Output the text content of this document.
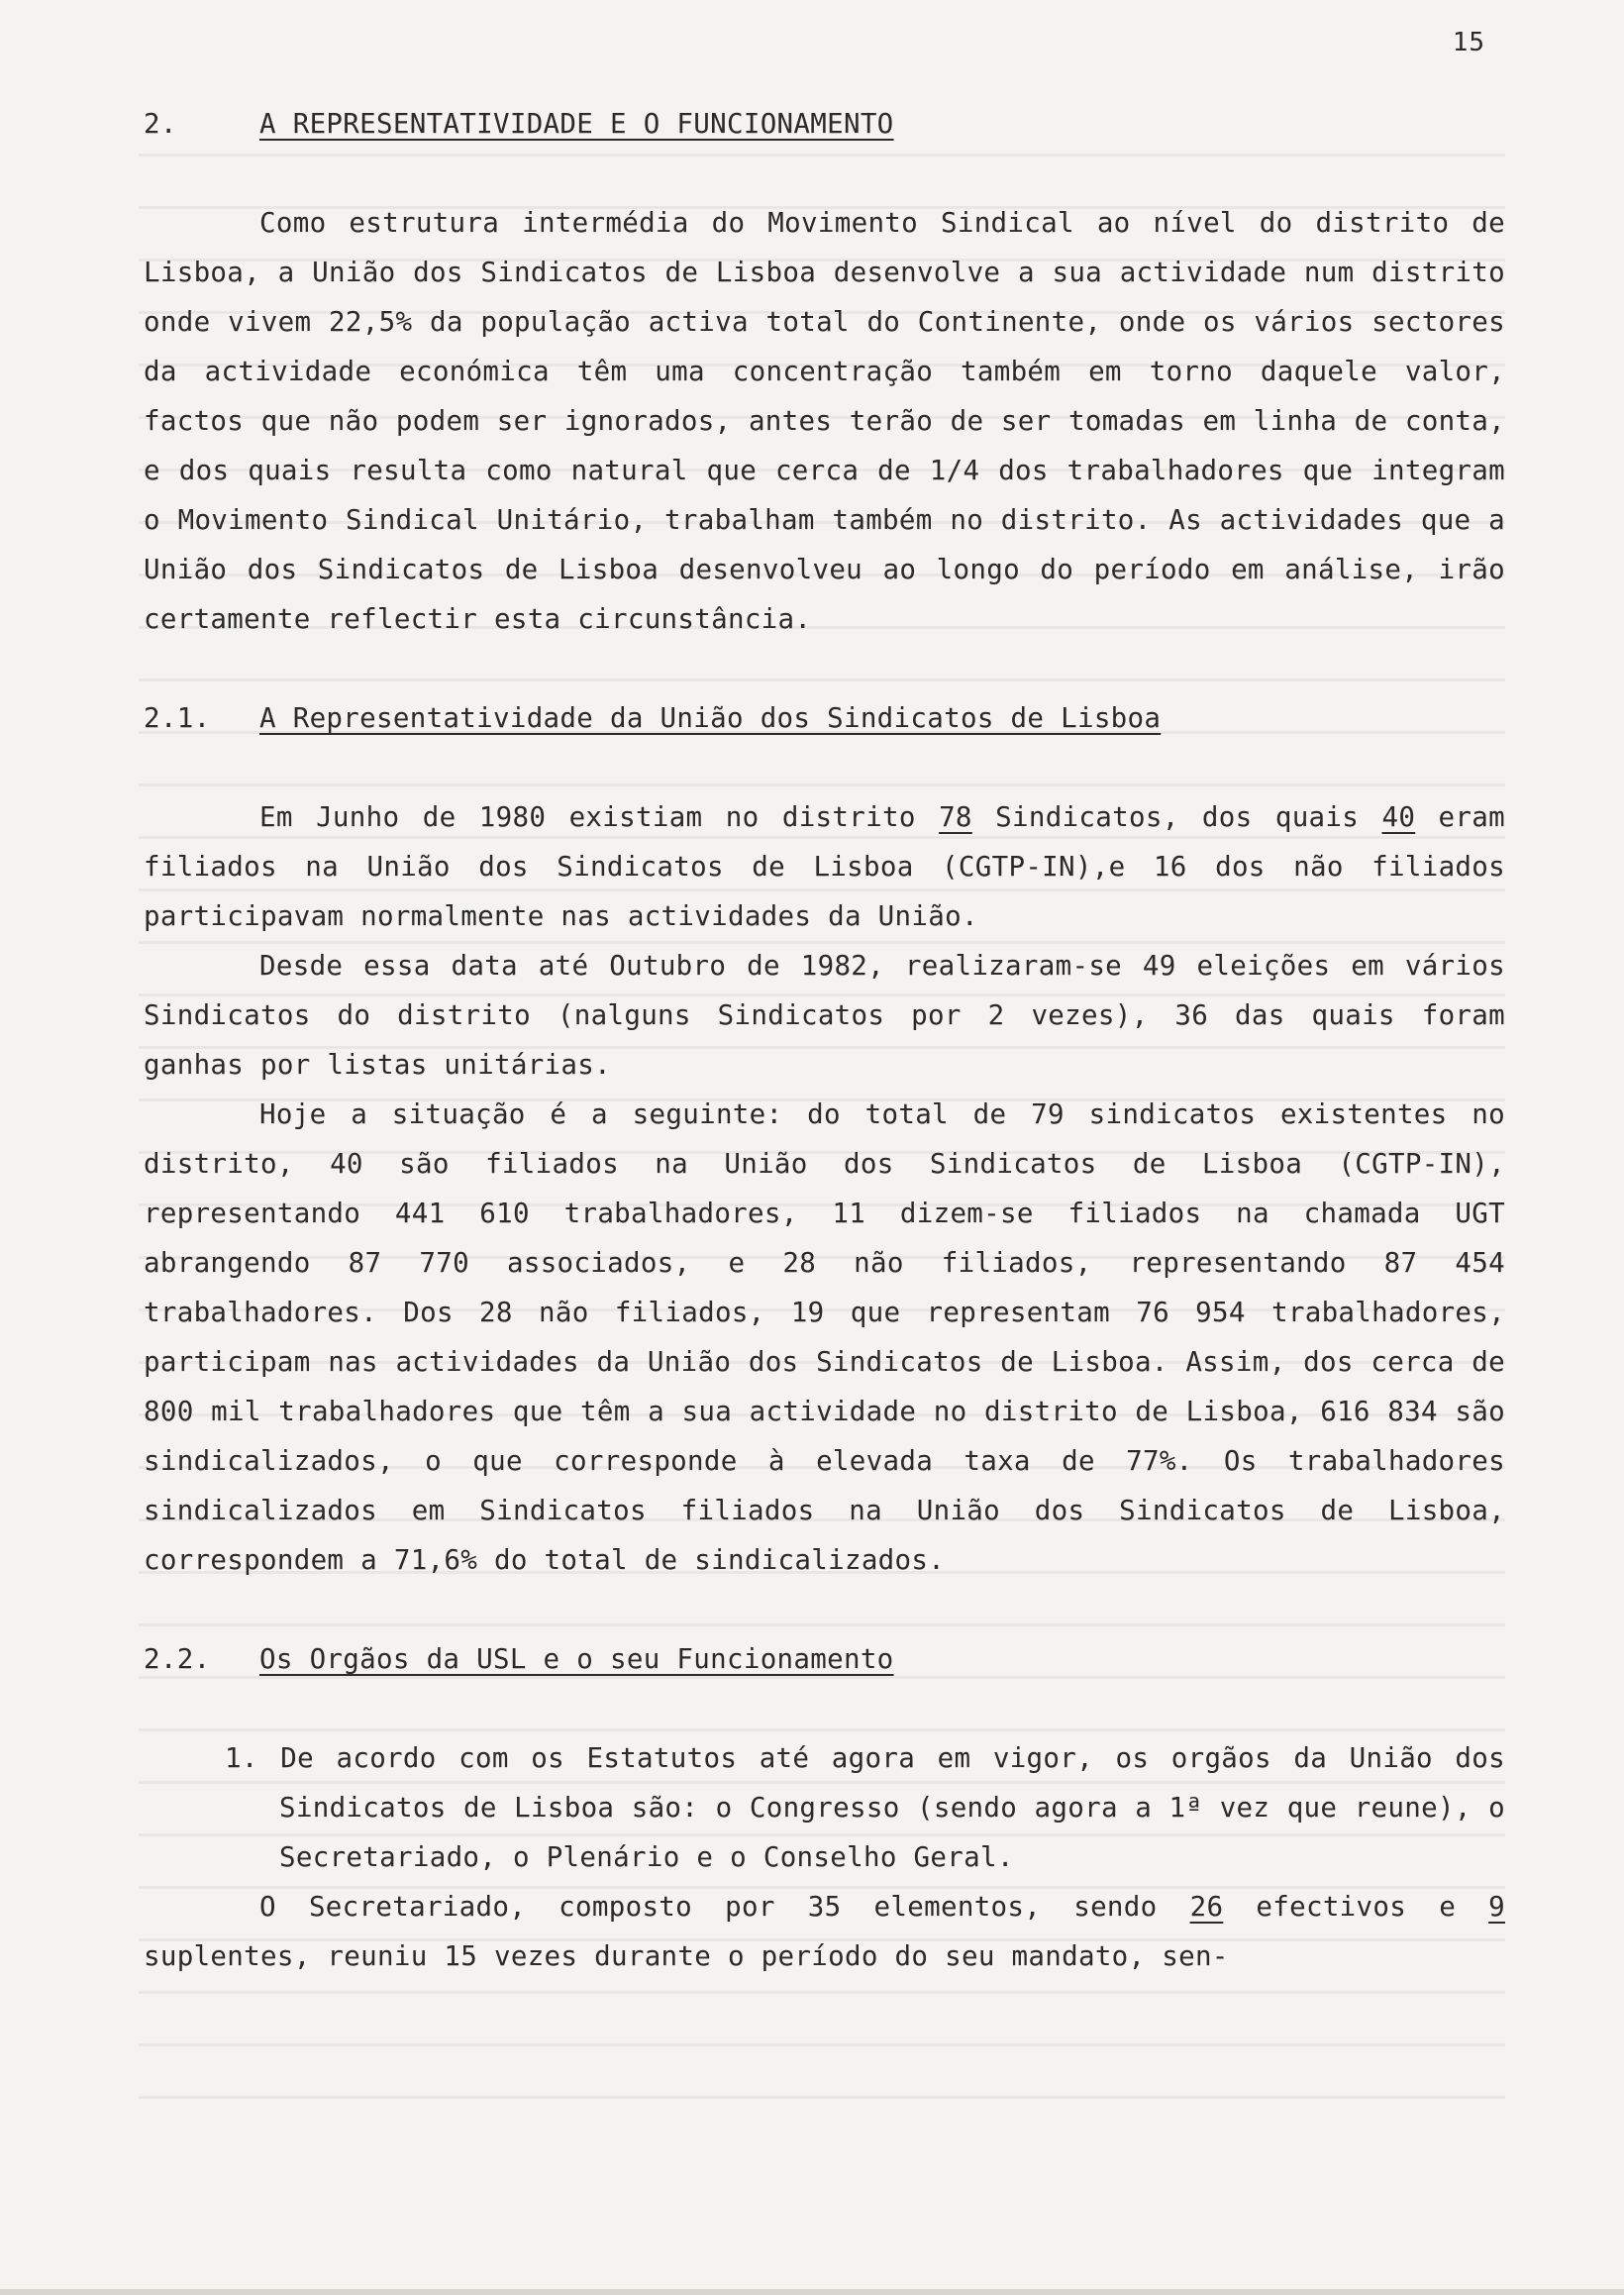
15
2.	A REPRESENTATIVIDADE E O FUNCIONAMENTO

Como estrutura intermédia do Movimento Sindical ao nível do distrito de Lisboa, a União dos Sindicatos de Lisboa desenvolve a sua actividade num distrito onde vivem 22,5% da população activa total do Continente, onde os vários sectores da actividade económica têm uma concentração também em torno daquele valor, factos que não podem ser ignorados, antes terão de ser tomadas em linha de conta, e dos quais resulta como natural que cerca de 1/4 dos trabalhadores que integram o Movimento Sindical Unitário, trabalham também no distrito. As actividades que a União dos Sindicatos de Lisboa desenvolveu ao longo do período em análise, irão certamente reflectir esta circunstância.

2.1.	A Representatividade da União dos Sindicatos de Lisboa

Em Junho de 1980 existiam no distrito 78 Sindicatos, dos quais 40 eram filiados na União dos Sindicatos de Lisboa (CGTP-IN),e 16 dos não filiados participavam normalmente nas actividades da União.

Desde essa data até Outubro de 1982, realizaram-se 49 eleições em vários Sindicatos do distrito (nalguns Sindicatos por 2 vezes), 36 das quais foram ganhas por listas unitárias.

Hoje a situação é a seguinte: do total de 79 sindicatos existentes no distrito, 40 são filiados na União dos Sindicatos de Lisboa (CGTP-IN), representando 441 610 trabalhadores, 11 dizem-se filiados na chamada UGT abrangendo 87 770 associados, e 28 não filiados, representando 87 454 trabalhadores. Dos 28 não filiados, 19 que representam 76 954 trabalhadores, participam nas actividades da União dos Sindicatos de Lisboa. Assim, dos cerca de 800 mil trabalhadores que têm a sua actividade no distrito de Lisboa, 616 834 são sindicalizados, o que corresponde à elevada taxa de 77%. Os trabalhadores sindicalizados em Sindicatos filiados na União dos Sindicatos de Lisboa, correspondem a 71,6% do total de sindicalizados.

2.2.	Os Orgãos da USL e o seu Funcionamento

1. De acordo com os Estatutos até agora em vigor, os orgãos da União dos Sindicatos de Lisboa são: o Congresso (sendo agora a 1ª vez que reune), o Secretariado, o Plenário e o Conselho Geral.

O Secretariado, composto por 35 elementos, sendo 26 efectivos e 9 suplentes, reuniu 15 vezes durante o período do seu mandato, sen-
